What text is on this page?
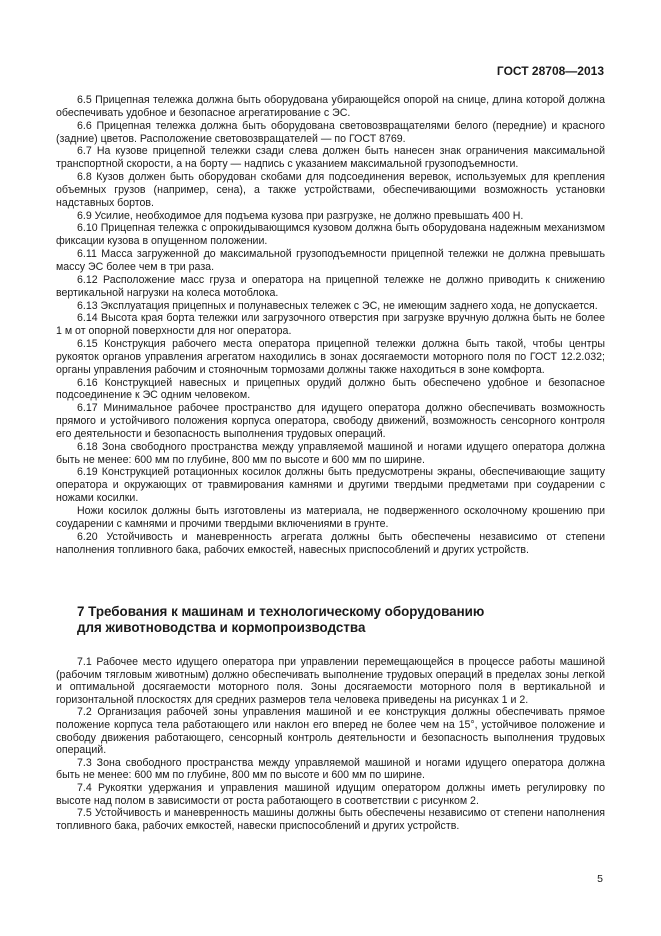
ГОСТ 28708—2013

6.5 Прицепная тележка должна быть оборудована убирающейся опорой на снице, длина которой должна обеспечивать удобное и безопасное агрегатирование с ЭС.

6.6 Прицепная тележка должна быть оборудована световозвращателями белого (передние) и красного (задние) цветов. Расположение световозвращателей — по ГОСТ 8769.

6.7 На кузове прицепной тележки сзади слева должен быть нанесен знак ограничения максимальной транспортной скорости, а на борту — надпись с указанием максимальной грузоподъемности.

6.8 Кузов должен быть оборудован скобами для подсоединения веревок, используемых для крепления объемных грузов (например, сена), а также устройствами, обеспечивающими возможность установки надставных бортов.

6.9 Усилие, необходимое для подъема кузова при разгрузке, не должно превышать 400 Н.

6.10 Прицепная тележка с опрокидывающимся кузовом должна быть оборудована надежным механизмом фиксации кузова в опущенном положении.

6.11 Масса загруженной до максимальной грузоподъемности прицепной тележки не должна превышать массу ЭС более чем в три раза.

6.12 Расположение масс груза и оператора на прицепной тележке не должно приводить к снижению вертикальной нагрузки на колеса мотоблока.

6.13 Эксплуатация прицепных и полунавесных тележек с ЭС, не имеющим заднего хода, не допускается.

6.14 Высота края борта тележки или загрузочного отверстия при загрузке вручную должна быть не более 1 м от опорной поверхности для ног оператора.

6.15 Конструкция рабочего места оператора прицепной тележки должна быть такой, чтобы центры рукояток органов управления агрегатом находились в зонах досягаемости моторного поля по ГОСТ 12.2.032; органы управления рабочим и стояночным тормозами должны также находиться в зоне комфорта.

6.16 Конструкцией навесных и прицепных орудий должно быть обеспечено удобное и безопасное подсоединение к ЭС одним человеком.

6.17 Минимальное рабочее пространство для идущего оператора должно обеспечивать возможность прямого и устойчивого положения корпуса оператора, свободу движений, возможность сенсорного контроля его деятельности и безопасность выполнения трудовых операций.

6.18 Зона свободного пространства между управляемой машиной и ногами идущего оператора должна быть не менее: 600 мм по глубине, 800 мм по высоте и 600 мм по ширине.

6.19 Конструкцией ротационных косилок должны быть предусмотрены экраны, обеспечивающие защиту оператора и окружающих от травмирования камнями и другими твердыми предметами при соударении с ножами косилки.

Ножи косилок должны быть изготовлены из материала, не подверженного осколочному крошению при соударении с камнями и прочими твердыми включениями в грунте.

6.20 Устойчивость и маневренность агрегата должны быть обеспечены независимо от степени наполнения топливного бака, рабочих емкостей, навесных приспособлений и других устройств.

7 Требования к машинам и технологическому оборудованию
для животноводства и кормопроизводства

7.1 Рабочее место идущего оператора при управлении перемещающейся в процессе работы машиной (рабочим тягловым животным) должно обеспечивать выполнение трудовых операций в пределах зоны легкой и оптимальной досягаемости моторного поля. Зоны досягаемости моторного поля в вертикальной и горизонтальной плоскостях для средних размеров тела человека приведены на рисунках 1 и 2.

7.2 Организация рабочей зоны управления машиной и ее конструкция должны обеспечивать прямое положение корпуса тела работающего или наклон его вперед не более чем на 15°, устойчивое положение и свободу движения работающего, сенсорный контроль деятельности и безопасность выполнения трудовых операций.

7.3 Зона свободного пространства между управляемой машиной и ногами идущего оператора должна быть не менее: 600 мм по глубине, 800 мм по высоте и 600 мм по ширине.

7.4 Рукоятки удержания и управления машиной идущим оператором должны иметь регулировку по высоте над полом в зависимости от роста работающего в соответствии с рисунком 2.

7.5 Устойчивость и маневренность машины должны быть обеспечены независимо от степени наполнения топливного бака, рабочих емкостей, навески приспособлений и других устройств.

5
